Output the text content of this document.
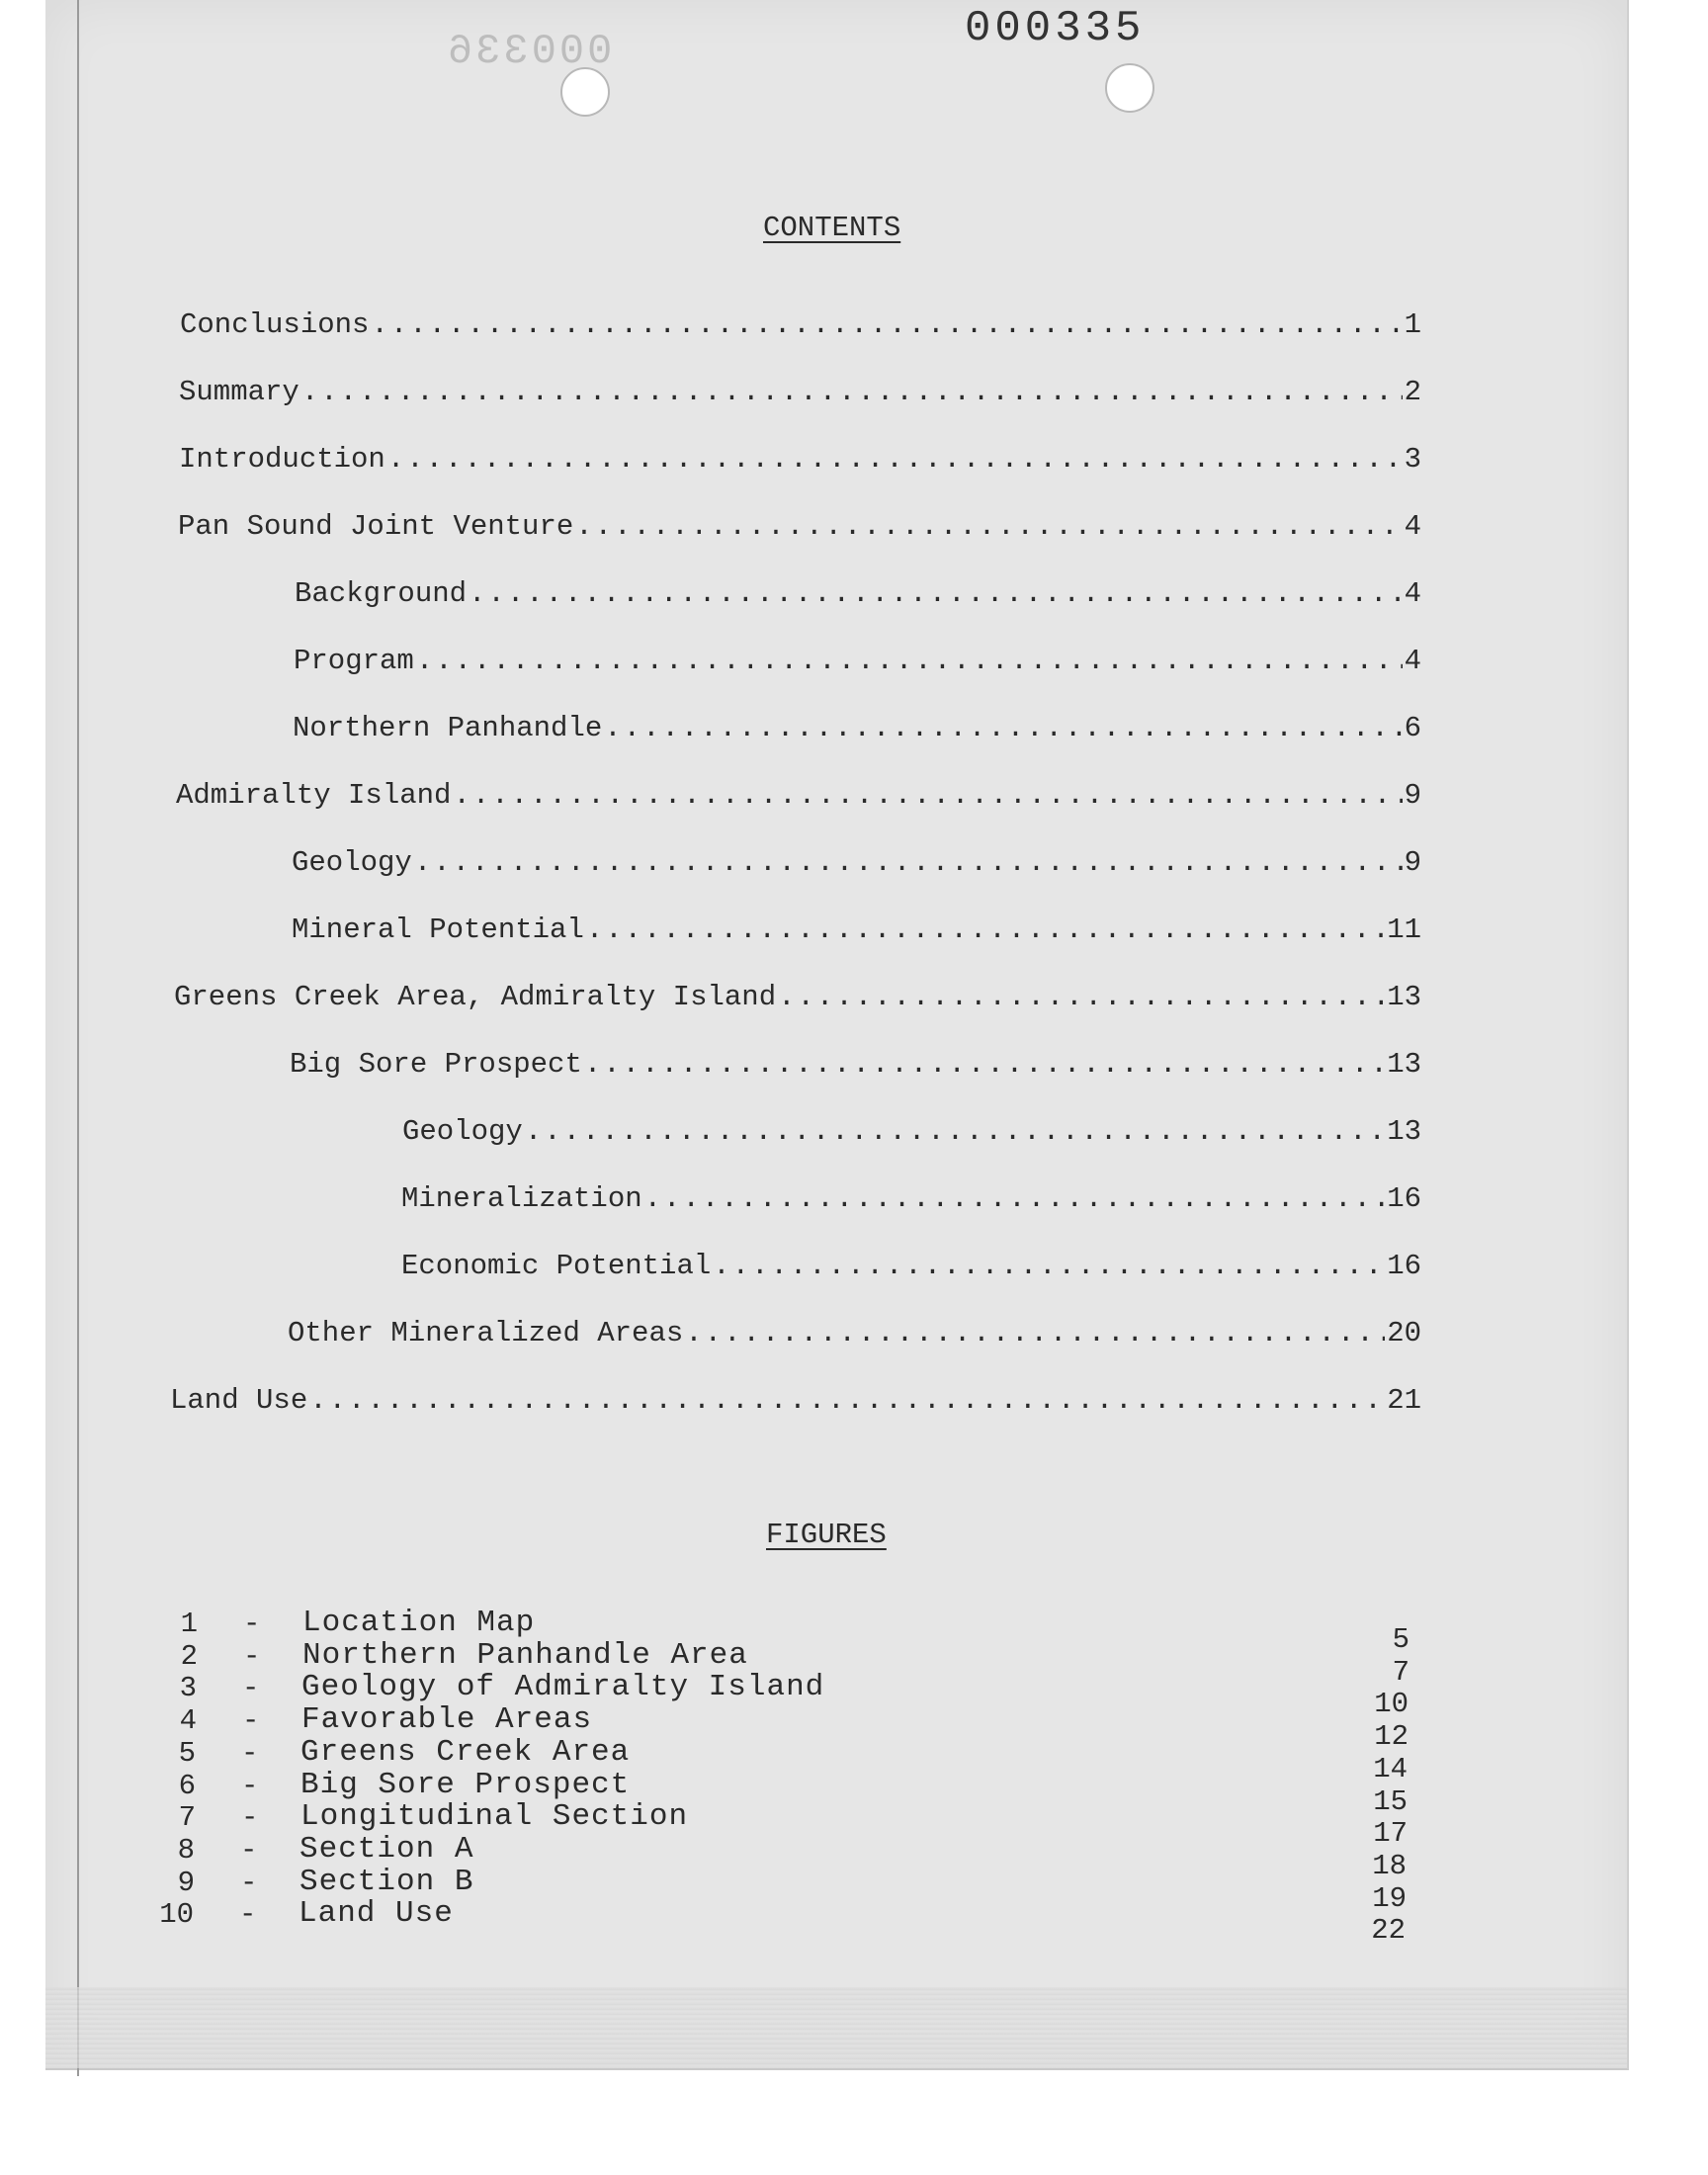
000335
000336
CONTENTS
Conclusions .....	1
Summary .....	2
Introduction .....	3
Pan Sound Joint Venture .....	4
Background .....	4
Program .....	4
Northern Panhandle .....	6
Admiralty Island .....	9
Geology .....	9
Mineral Potential .....	11
Greens Creek Area, Admiralty Island .....	13
Big Sore Prospect .....	13
Geology .....	13
Mineralization .....	16
Economic Potential .....	16
Other Mineralized Areas .....	20
Land Use .....	21
FIGURES
1 - Location Map	5
2 - Northern Panhandle Area	7
3 - Geology of Admiralty Island	10
4 - Favorable Areas	12
5 - Greens Creek Area	14
6 - Big Sore Prospect	15
7 - Longitudinal Section	17
8 - Section A	18
9 - Section B	19
10 - Land Use	22
